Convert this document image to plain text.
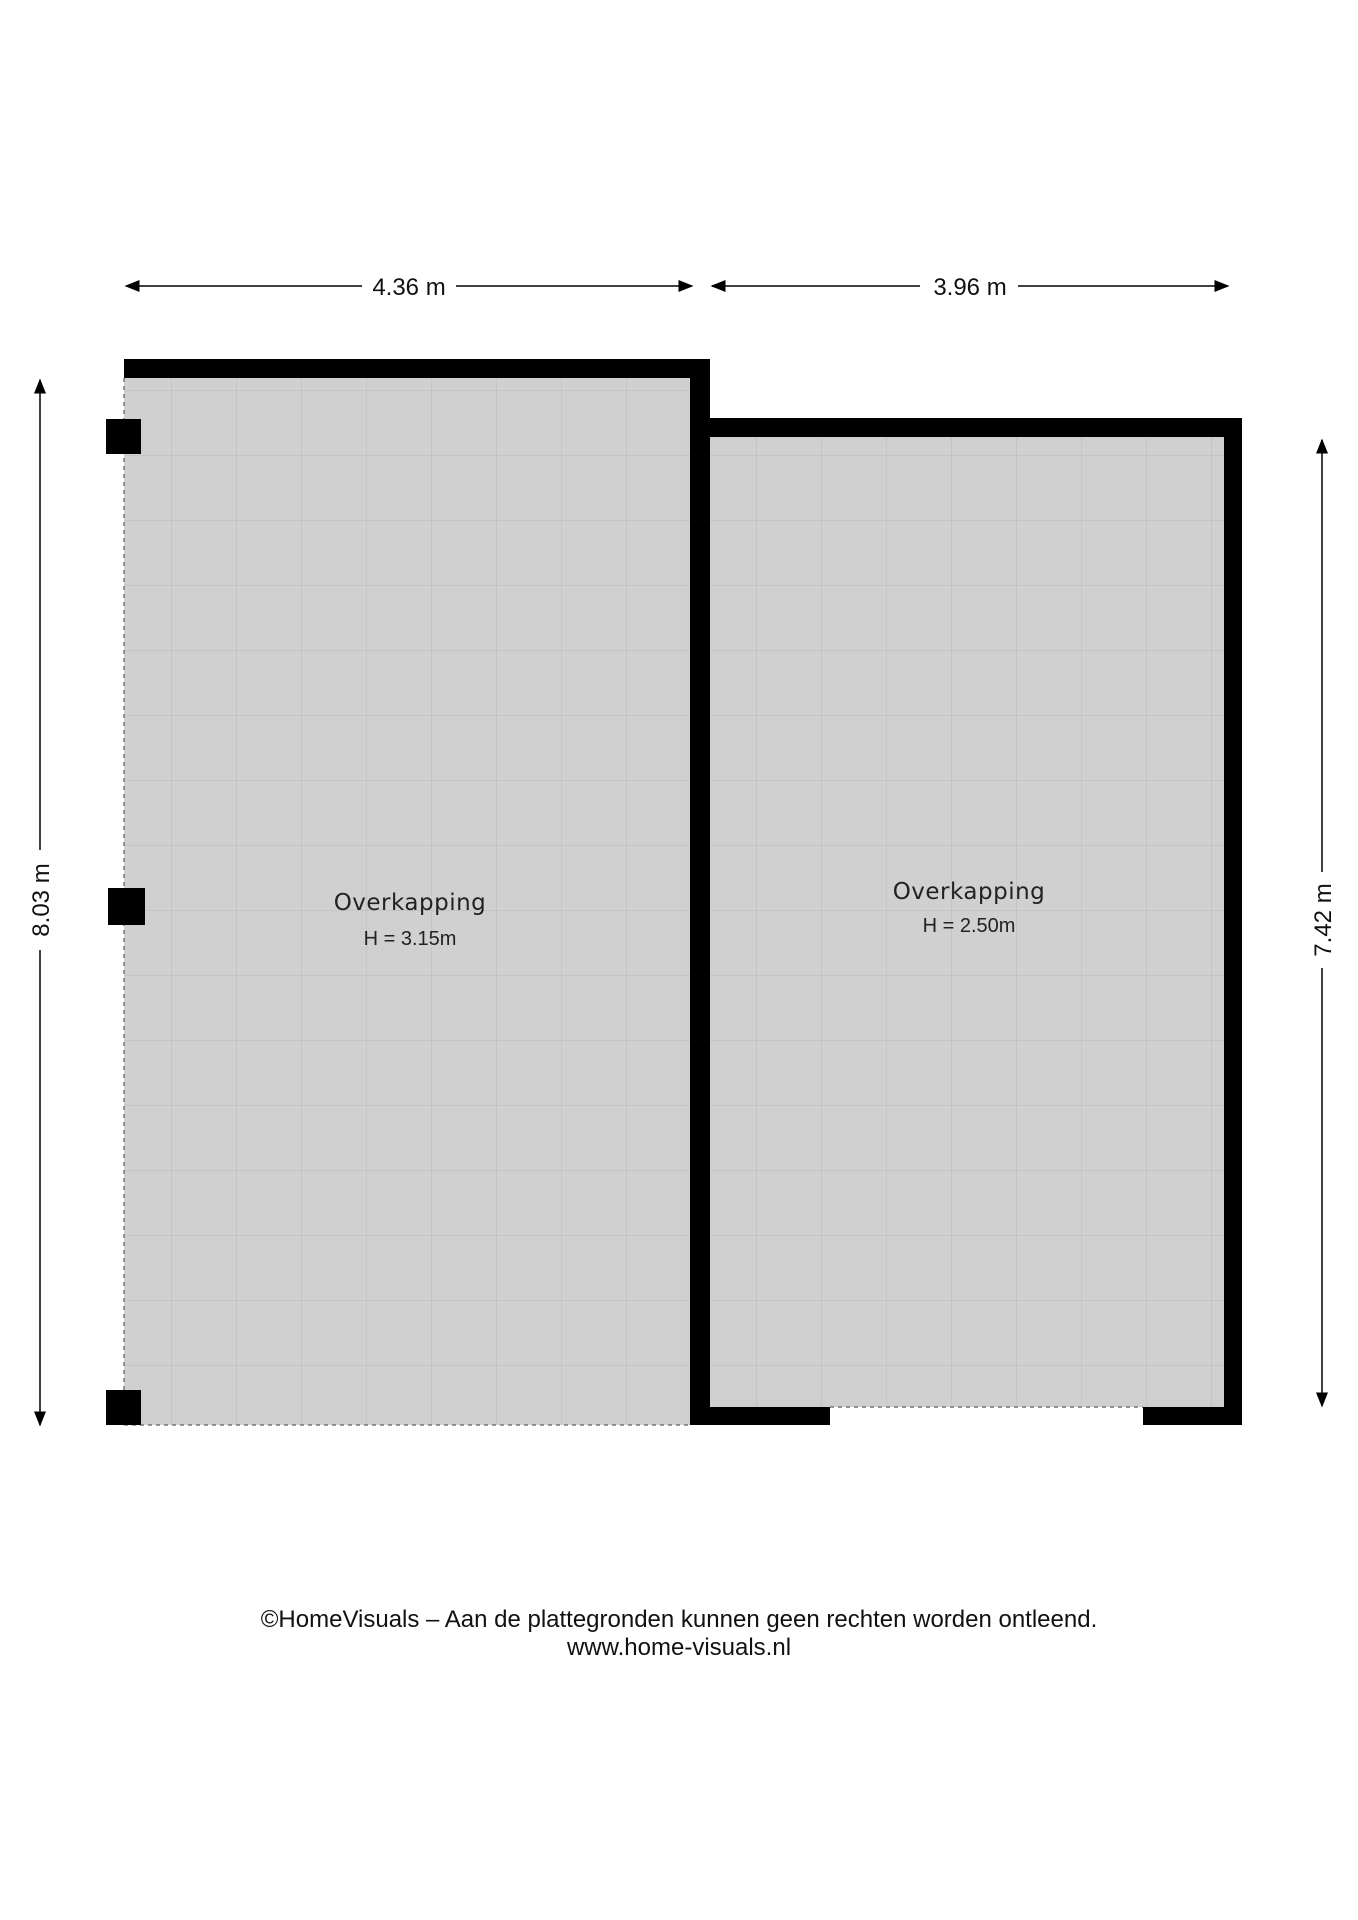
4.36 m	3.96 m
8.03 m	7.42 m
Overkapping
H = 3.15m
Overkapping
H = 2.50m
©HomeVisuals – Aan de plattegronden kunnen geen rechten worden ontleend.
www.home-visuals.nl
